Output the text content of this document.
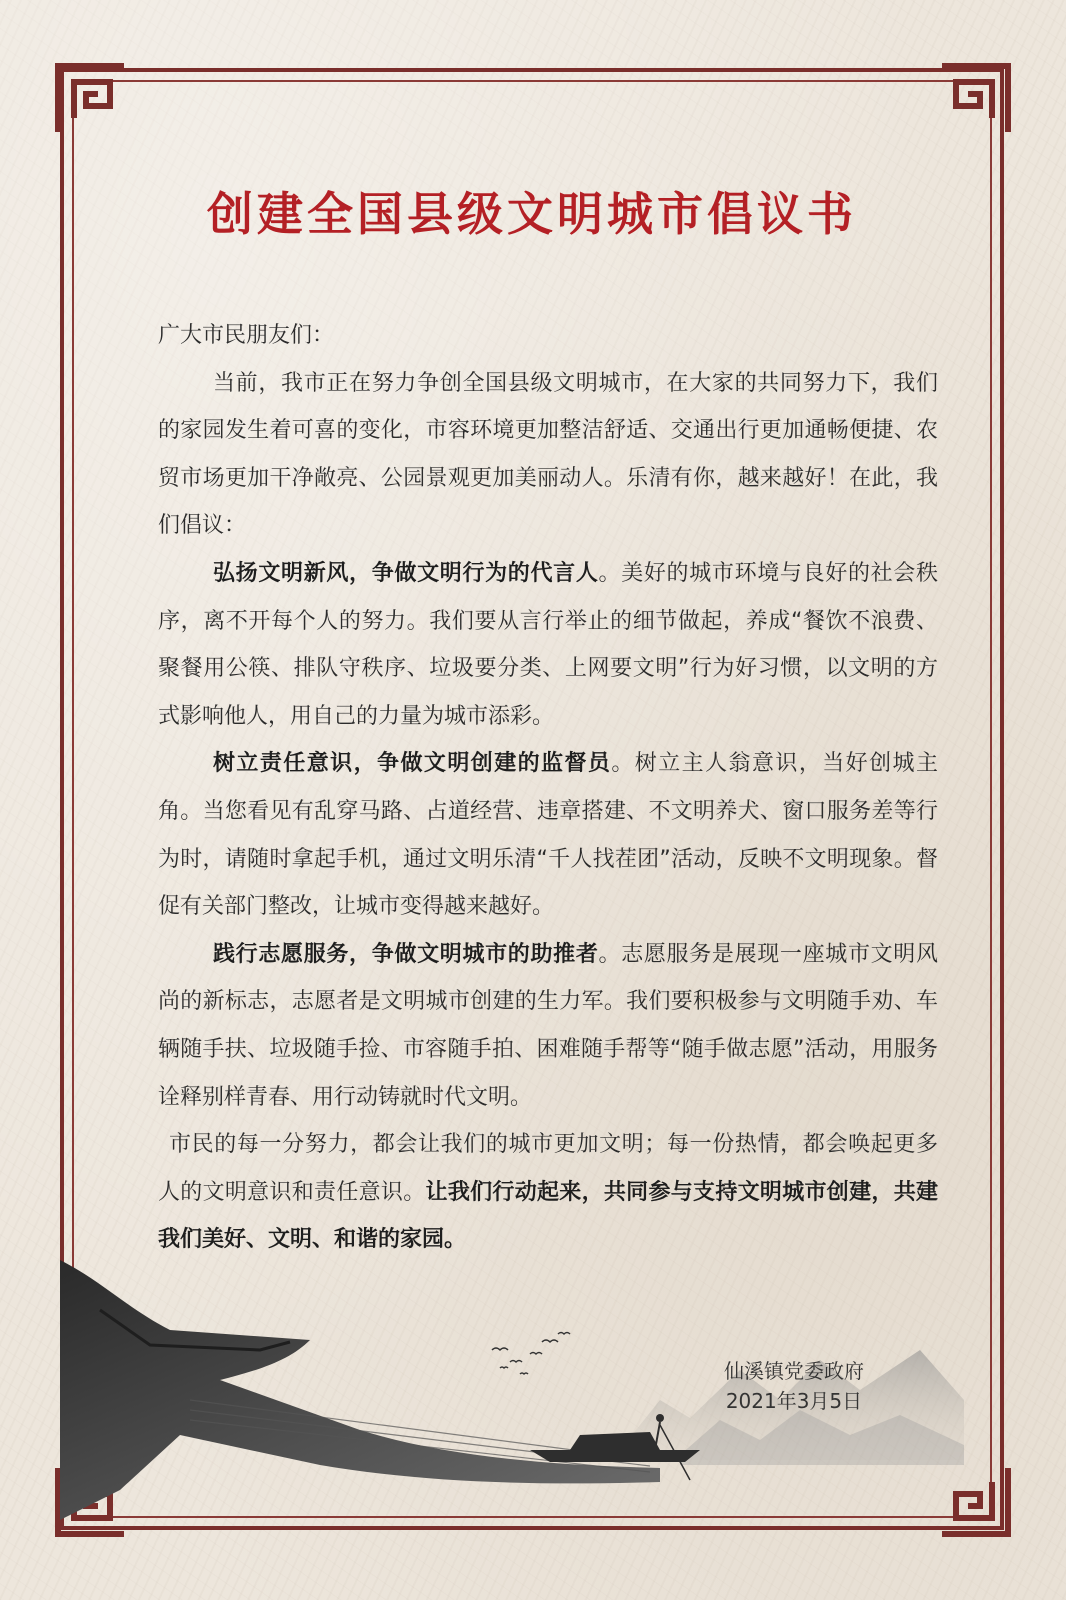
创建全国县级文明城市倡议书

广大市民朋友们：

当前，我市正在努力争创全国县级文明城市，在大家的共同努力下，我们的家园发生着可喜的变化，市容环境更加整洁舒适、交通出行更加通畅便捷、农贸市场更加干净敞亮、公园景观更加美丽动人。乐清有你，越来越好！在此，我们倡议：

弘扬文明新风，争做文明行为的代言人。美好的城市环境与良好的社会秩序，离不开每个人的努力。我们要从言行举止的细节做起，养成“餐饮不浪费、聚餐用公筷、排队守秩序、垃圾要分类、上网要文明”行为好习惯，以文明的方式影响他人，用自己的力量为城市添彩。

树立责任意识，争做文明创建的监督员。树立主人翁意识，当好创城主角。当您看见有乱穿马路、占道经营、违章搭建、不文明养犬、窗口服务差等行为时，请随时拿起手机，通过文明乐清“千人找茬团”活动，反映不文明现象。督促有关部门整改，让城市变得越来越好。

践行志愿服务，争做文明城市的助推者。志愿服务是展现一座城市文明风尚的新标志，志愿者是文明城市创建的生力军。我们要积极参与文明随手劝、车辆随手扶、垃圾随手捡、市容随手拍、困难随手帮等“随手做志愿”活动，用服务诠释别样青春、用行动铸就时代文明。

市民的每一分努力，都会让我们的城市更加文明；每一份热情，都会唤起更多人的文明意识和责任意识。让我们行动起来，共同参与支持文明城市创建，共建我们美好、文明、和谐的家园。

仙溪镇党委政府
2021年3月5日
